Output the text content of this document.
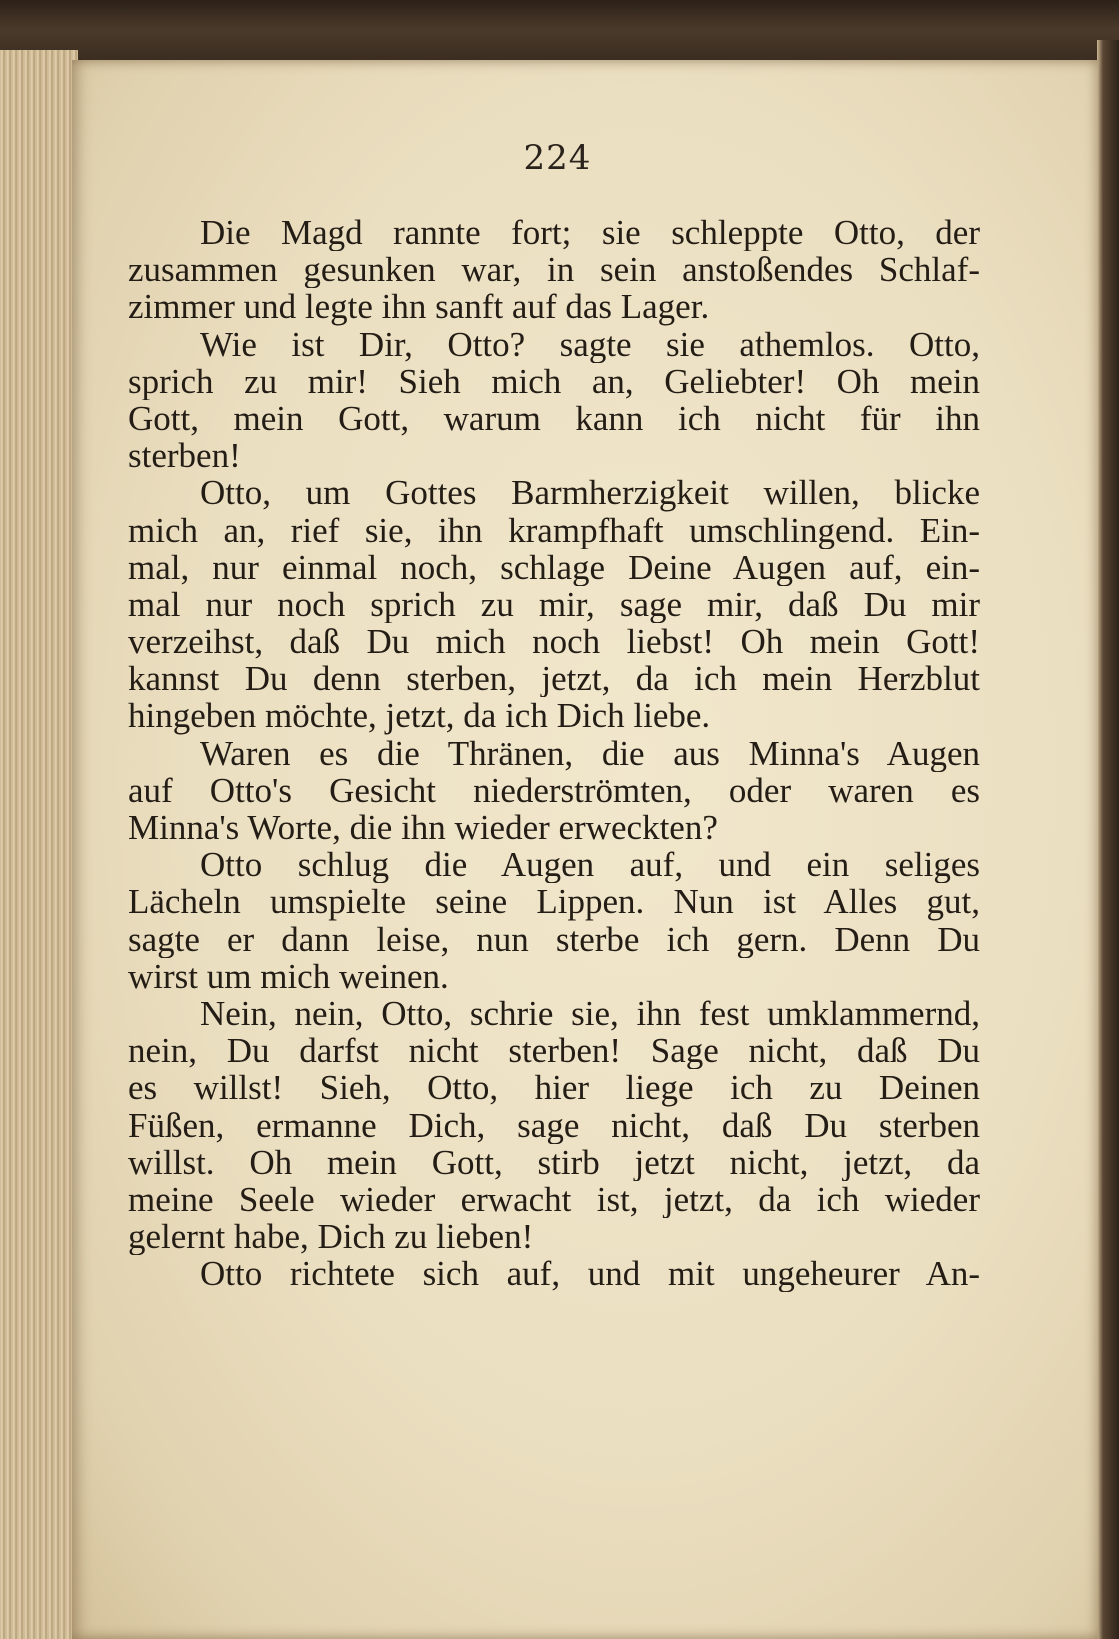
224
Die Magd rannte fort; sie schleppte Otto, der
zusammen gesunken war, in sein anstoßendes Schlaf-
zimmer und legte ihn sanft auf das Lager.
Wie ist Dir, Otto? sagte sie athemlos. Otto,
sprich zu mir! Sieh mich an, Geliebter! Oh mein
Gott, mein Gott, warum kann ich nicht für ihn
sterben!
Otto, um Gottes Barmherzigkeit willen, blicke
mich an, rief sie, ihn krampfhaft umschlingend. Ein-
mal, nur einmal noch, schlage Deine Augen auf, ein-
mal nur noch sprich zu mir, sage mir, daß Du mir
verzeihst, daß Du mich noch liebst! Oh mein Gott!
kannst Du denn sterben, jetzt, da ich mein Herzblut
hingeben möchte, jetzt, da ich Dich liebe.
Waren es die Thränen, die aus Minna's Augen
auf Otto's Gesicht niederströmten, oder waren es
Minna's Worte, die ihn wieder erweckten?
Otto schlug die Augen auf, und ein seliges
Lächeln umspielte seine Lippen. Nun ist Alles gut,
sagte er dann leise, nun sterbe ich gern. Denn Du
wirst um mich weinen.
Nein, nein, Otto, schrie sie, ihn fest umklammernd,
nein, Du darfst nicht sterben! Sage nicht, daß Du
es willst! Sieh, Otto, hier liege ich zu Deinen
Füßen, ermanne Dich, sage nicht, daß Du sterben
willst. Oh mein Gott, stirb jetzt nicht, jetzt, da
meine Seele wieder erwacht ist, jetzt, da ich wieder
gelernt habe, Dich zu lieben!
Otto richtete sich auf, und mit ungeheurer An-
